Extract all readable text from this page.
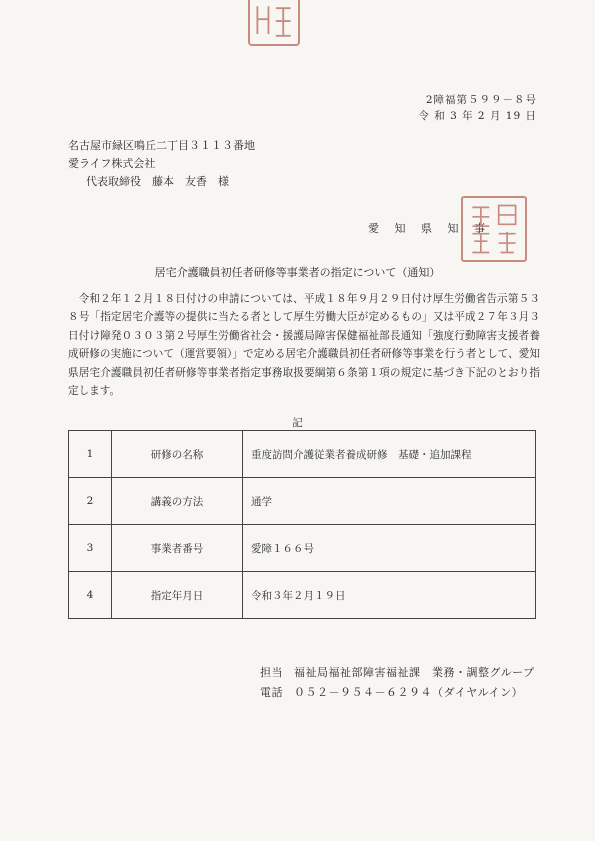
2障福第５９９－８号
令 和 3 年 2 月 19 日
名古屋市緑区鳴丘二丁目３１１３番地
愛ライフ株式会社
代表取締役　藤本　友香　様
愛 知 県 知 事
居宅介護職員初任者研修等事業者の指定について（通知）
令和２年１２月１８日付けの申請については、平成１８年９月２９日付け厚生労働省告示第５３８号「指定居宅介護等の提供に当たる者として厚生労働大臣が定めるもの」又は平成２７年３月３日付け障発０３０３第２号厚生労働省社会・援護局障害保健福祉部長通知「強度行動障害支援者養成研修の実施について（運営要領）」で定める居宅介護職員初任者研修等事業を行う者として、愛知県居宅介護職員初任者研修等事業者指定事務取扱要綱第６条第１項の規定に基づき下記のとおり指定します。
記
1	研修の名称	重度訪問介護従業者養成研修　基礎・追加課程
2	講義の方法	通学
3	事業者番号	愛障１６６号
4	指定年月日	令和３年２月１９日
担当 福祉局福祉部障害福祉課　業務・調整グループ
電話 ０５２－９５４－６２９４（ダイヤルイン）
